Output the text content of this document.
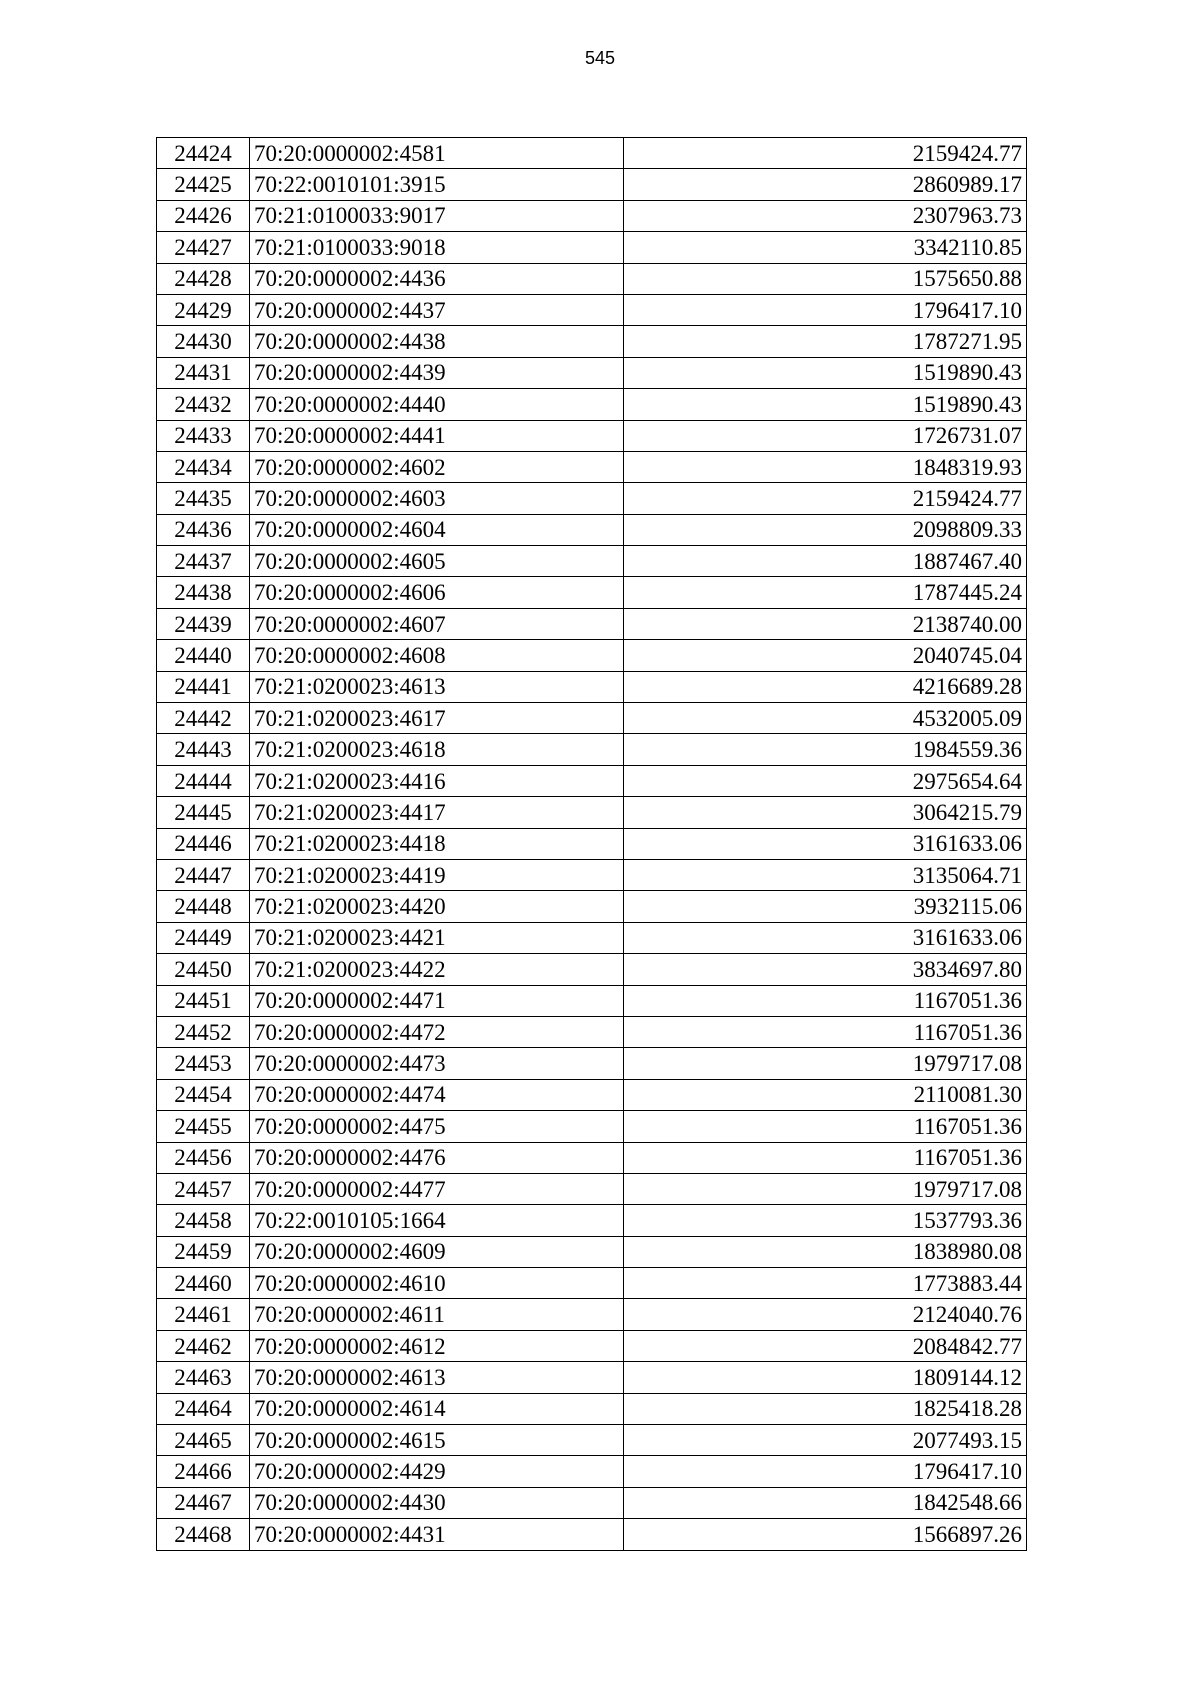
545
24424	70:20:0000002:4581	2159424.77
24425	70:22:0010101:3915	2860989.17
24426	70:21:0100033:9017	2307963.73
24427	70:21:0100033:9018	3342110.85
24428	70:20:0000002:4436	1575650.88
24429	70:20:0000002:4437	1796417.10
24430	70:20:0000002:4438	1787271.95
24431	70:20:0000002:4439	1519890.43
24432	70:20:0000002:4440	1519890.43
24433	70:20:0000002:4441	1726731.07
24434	70:20:0000002:4602	1848319.93
24435	70:20:0000002:4603	2159424.77
24436	70:20:0000002:4604	2098809.33
24437	70:20:0000002:4605	1887467.40
24438	70:20:0000002:4606	1787445.24
24439	70:20:0000002:4607	2138740.00
24440	70:20:0000002:4608	2040745.04
24441	70:21:0200023:4613	4216689.28
24442	70:21:0200023:4617	4532005.09
24443	70:21:0200023:4618	1984559.36
24444	70:21:0200023:4416	2975654.64
24445	70:21:0200023:4417	3064215.79
24446	70:21:0200023:4418	3161633.06
24447	70:21:0200023:4419	3135064.71
24448	70:21:0200023:4420	3932115.06
24449	70:21:0200023:4421	3161633.06
24450	70:21:0200023:4422	3834697.80
24451	70:20:0000002:4471	1167051.36
24452	70:20:0000002:4472	1167051.36
24453	70:20:0000002:4473	1979717.08
24454	70:20:0000002:4474	2110081.30
24455	70:20:0000002:4475	1167051.36
24456	70:20:0000002:4476	1167051.36
24457	70:20:0000002:4477	1979717.08
24458	70:22:0010105:1664	1537793.36
24459	70:20:0000002:4609	1838980.08
24460	70:20:0000002:4610	1773883.44
24461	70:20:0000002:4611	2124040.76
24462	70:20:0000002:4612	2084842.77
24463	70:20:0000002:4613	1809144.12
24464	70:20:0000002:4614	1825418.28
24465	70:20:0000002:4615	2077493.15
24466	70:20:0000002:4429	1796417.10
24467	70:20:0000002:4430	1842548.66
24468	70:20:0000002:4431	1566897.26
